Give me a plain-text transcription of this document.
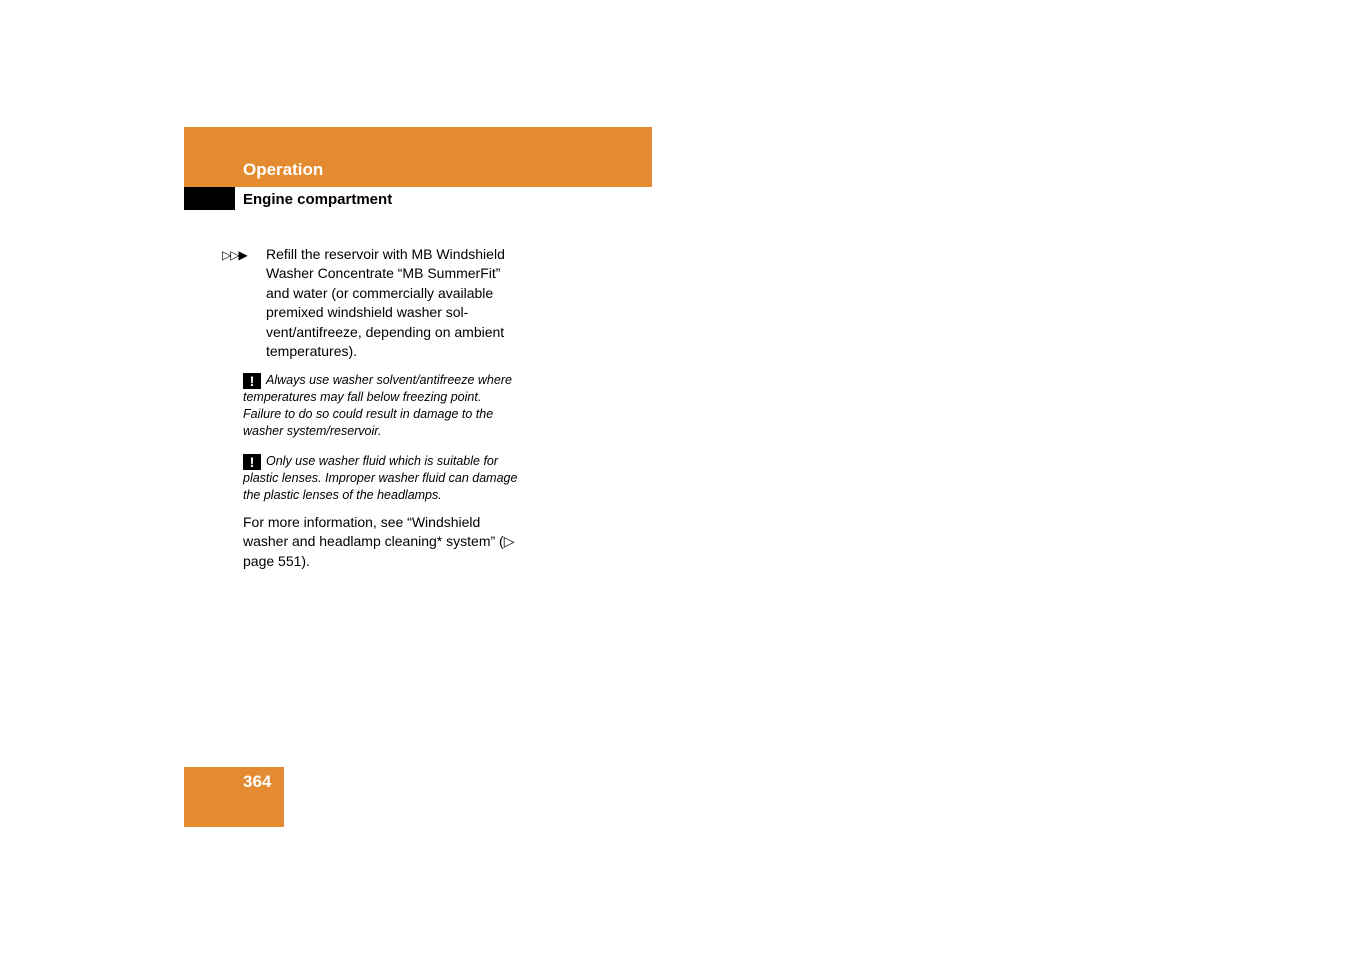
Operation
Engine compartment
▷▷▶ Refill the reservoir with MB Windshield Washer Concentrate “MB SummerFit” and water (or commercially available premixed windshield washer sol-vent/antifreeze, depending on ambient temperatures).
! Always use washer solvent/antifreeze where temperatures may fall below freezing point. Failure to do so could result in damage to the washer system/reservoir.
! Only use washer fluid which is suitable for plastic lenses. Improper washer fluid can damage the plastic lenses of the headlamps.
For more information, see “Windshield washer and headlamp cleaning* system” (▷ page 551).
364
